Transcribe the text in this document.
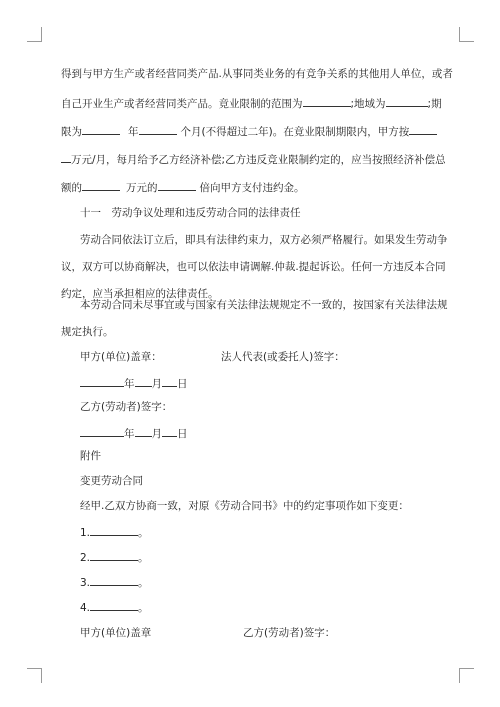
得到与甲方生产或者经营同类产品.从事同类业务的有竞争关系的其他用人单位，或者
自己开业生产或者经营同类产品。竟业限制的范围为	;地域为	;期
限为	年	个月(不得超过二年)。在竟业限制期限内，甲方按
万元/月，每月给予乙方经济补偿;乙方违反竞业限制约定的，应当按照经济补偿总
额的	万元的	倍向甲方支付违约金。
十一　劳动争议处理和违反劳动合同的法律责任
劳动合同依法订立后，即具有法律约束力，双方必须严格履行。如果发生劳动争
议，双方可以协商解决，也可以依法申请调解.仲裁.提起诉讼。任何一方违反本合同
约定，应当承担相应的法律责任。
本劳动合同未尽事宜或与国家有关法律法规规定不一致的，按国家有关法律法规
规定执行。
甲方(单位)盖章：	法人代表(或委托人)签字：
年 月 日
乙方(劳动者)签字：
年 月 日
附件
变更劳动合同
经甲.乙双方协商一致，对原《劳动合同书》中的约定事项作如下变更：
1.	。
2.	。
3.	。
4.	。
甲方(单位)盖章	乙方(劳动者)签字：
